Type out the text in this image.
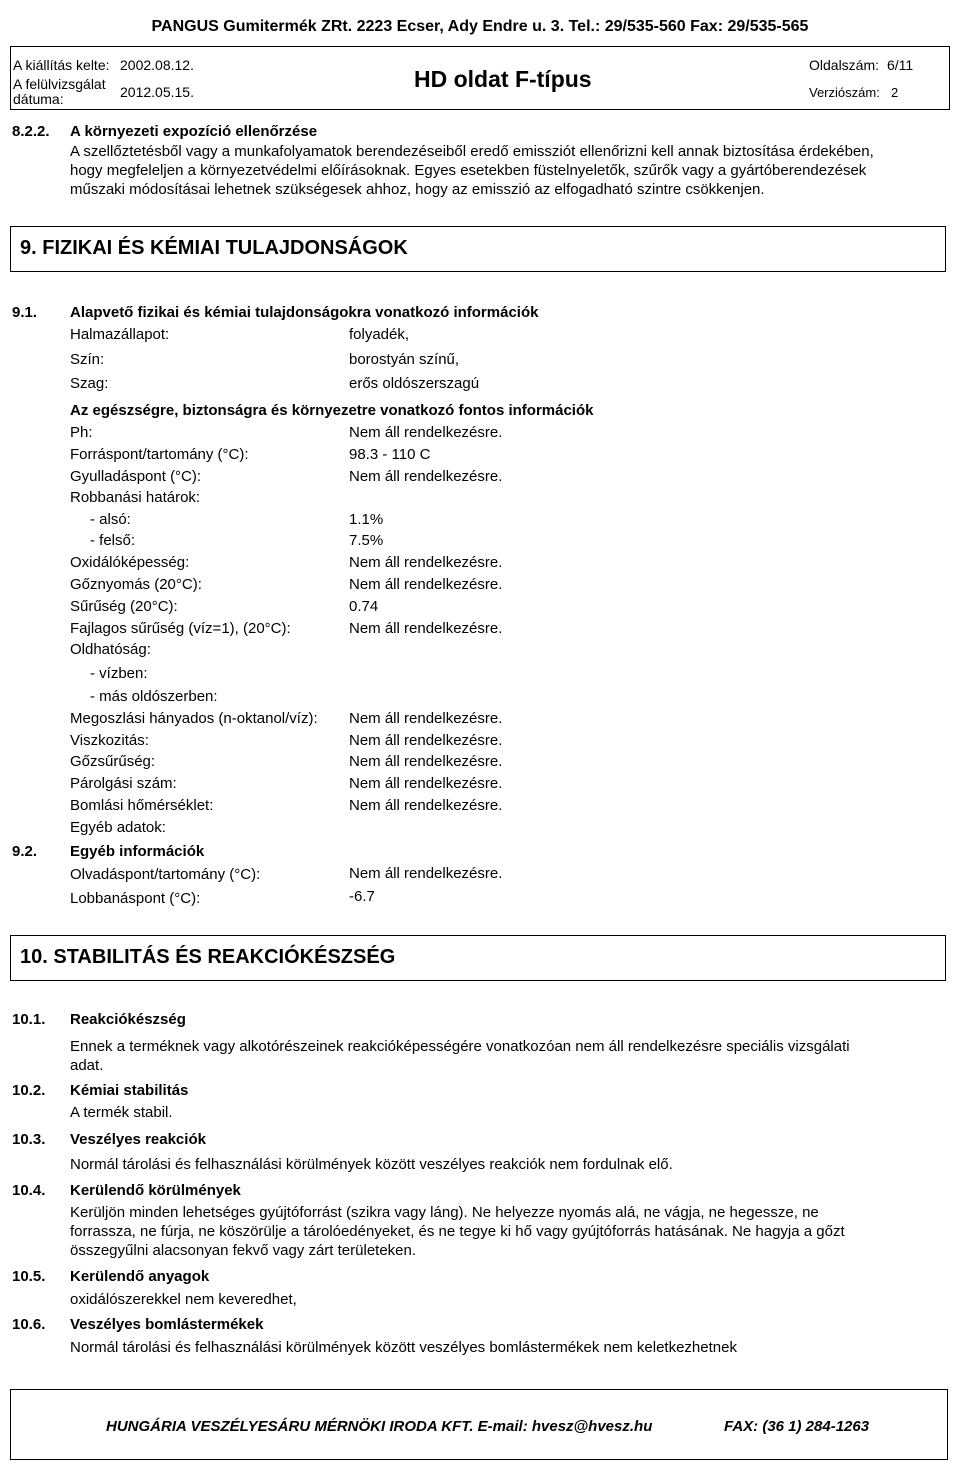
PANGUS Gumitermék ZRt. 2223 Ecser, Ady Endre u. 3. Tel.: 29/535-560 Fax: 29/535-565
A kiállítás kelte: 2002.08.12.
A felülvizsgálat
dátuma:	2012.05.15.	HD oldat F-típus
Oldalszám: 6/11
Verziószám: 2
8.2.2. A környezeti expozíció ellenőrzése
A szellőztetésből vagy a munkafolyamatok berendezéseiből eredő emissziót ellenőrizni kell annak biztosítása érdekében,
hogy megfeleljen a környezetvédelmi előírásoknak. Egyes esetekben füstelnyeletők, szűrők vagy a gyártóberendezések
műszaki módosításai lehetnek szükségesek ahhoz, hogy az emisszió az elfogadható szintre csökkenjen.
9. FIZIKAI ÉS KÉMIAI TULAJDONSÁGOK
9.1. Alapvető fizikai és kémiai tulajdonságokra vonatkozó információk
Halmazállapot:	folyadék,
Szín:	borostyán színű,
Szag:	erős oldószerszagú
Az egészségre, biztonságra és környezetre vonatkozó fontos információk
Ph:	Nem áll rendelkezésre.
Forráspont/tartomány (°C):	98.3 - 110 C
Gyulladáspont (°C):	Nem áll rendelkezésre.
Robbanási határok:
- alsó:	1.1%
- felső:	7.5%
Oxidálóképesség:	Nem áll rendelkezésre.
Gőznyomás (20°C):	Nem áll rendelkezésre.
Sűrűség (20°C):	0.74
Fajlagos sűrűség (víz=1), (20°C):	Nem áll rendelkezésre.
Oldhatóság:
- vízben:
- más oldószerben:
Megoszlási hányados (n-oktanol/víz): Nem áll rendelkezésre.
Viszkozitás:	Nem áll rendelkezésre.
Gőzsűrűség:	Nem áll rendelkezésre.
Párolgási szám:	Nem áll rendelkezésre.
Bomlási hőmérséklet:	Nem áll rendelkezésre.
Egyéb adatok:
9.2. Egyéb információk
Olvadáspont/tartomány (°C):	Nem áll rendelkezésre.
Lobbanáspont (°C):	-6.7
10. STABILITÁS ÉS REAKCIÓKÉSZSÉG
10.1. Reakciókészség
Ennek a terméknek vagy alkotórészeinek reakcióképességére vonatkozóan nem áll rendelkezésre speciális vizsgálati
adat.
10.2. Kémiai stabilitás
A termék stabil.
10.3. Veszélyes reakciók
Normál tárolási és felhasználási körülmények között veszélyes reakciók nem fordulnak elő.
10.4. Kerülendő körülmények
Kerüljön minden lehetséges gyújtóforrást (szikra vagy láng). Ne helyezze nyomás alá, ne vágja, ne hegessze, ne
forrassza, ne fúrja, ne köszörülje a tárolóedényeket, és ne tegye ki hő vagy gyújtóforrás hatásának. Ne hagyja a gőzt
összegyűlni alacsonyan fekvő vagy zárt területeken.
10.5. Kerülendő anyagok
oxidálószerekkel nem keveredhet,
10.6. Veszélyes bomlástermékek
Normál tárolási és felhasználási körülmények között veszélyes bomlástermékek nem keletkezhetnek
HUNGÁRIA VESZÉLYESÁRU MÉRNÖKI IRODA KFT. E-mail: hvesz@hvesz.hu	FAX: (36 1) 284-1263
